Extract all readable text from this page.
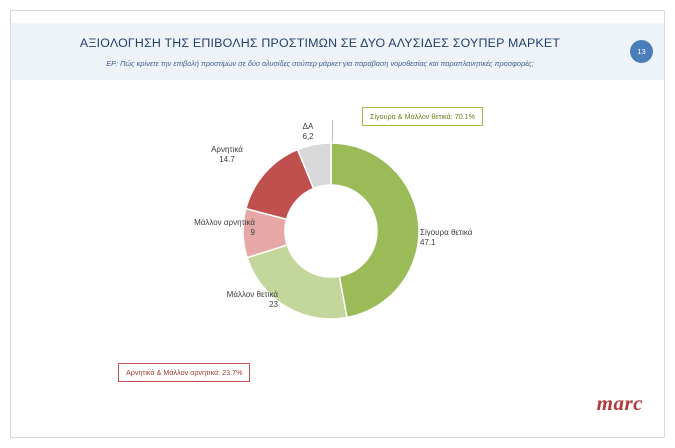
ΑΞΙΟΛΟΓΗΣΗ ΤΗΣ ΕΠΙΒΟΛΗΣ ΠΡΟΣΤΙΜΩΝ ΣΕ ΔΥΟ ΑΛΥΣΙΔΕΣ ΣΟΥΠΕΡ ΜΑΡΚΕΤ
ΕΡ: Πώς κρίνετε την επιβολή προστίμων σε δύο αλυσίδες σούπερ μάρκετ για παράβαση νομοθεσίας και παραπλανητικές προσφορές;
13
Σίγουρα & Μάλλον θετικά: 70.1%
Αρνητικά & Μάλλον αρνητικά: 23.7%
Σίγουρα θετικά
47.1
Μάλλον θετικά
23
Μάλλον αρνητικά
9
Αρνητικά
14.7
ΔΑ
6,2
marc
